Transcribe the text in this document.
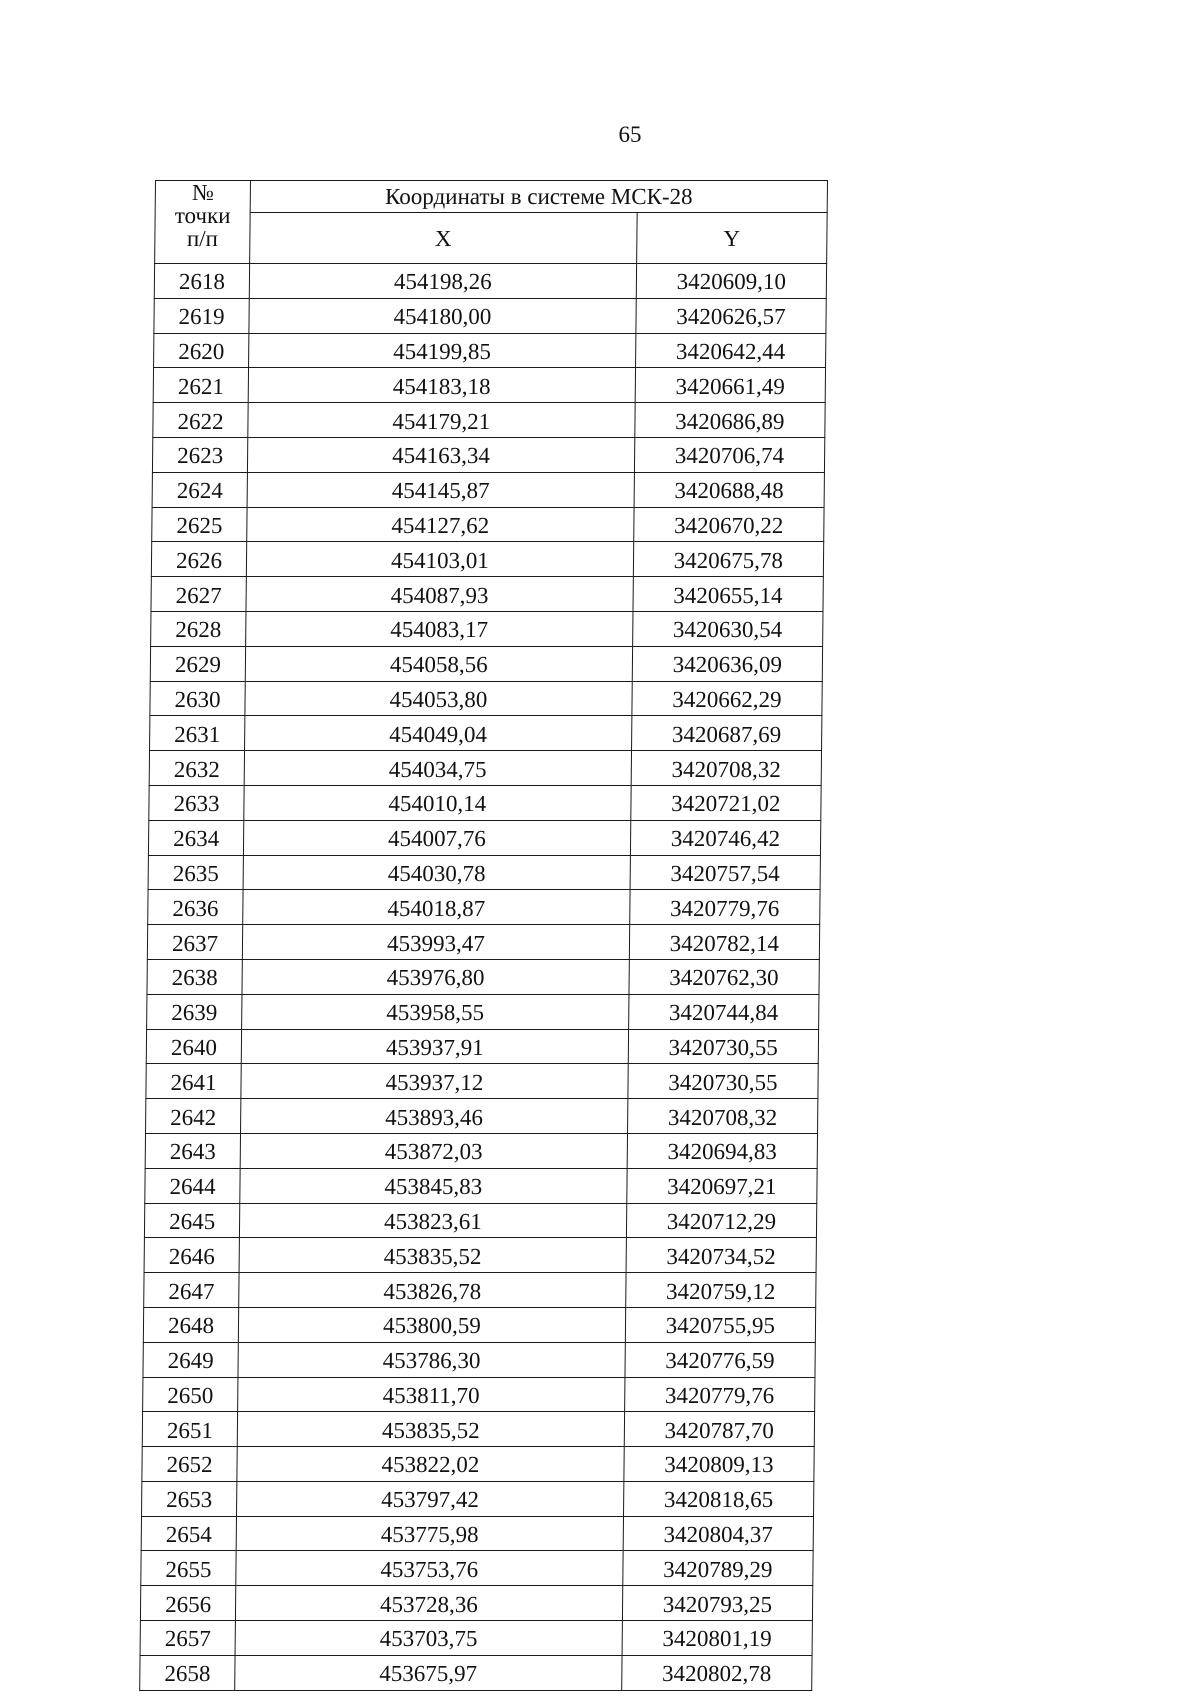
65
№
точки
п/п	Координаты в системе МСК-28	
	X	Y
2618	454198,26	3420609,10
2619	454180,00	3420626,57
2620	454199,85	3420642,44
2621	454183,18	3420661,49
2622	454179,21	3420686,89
2623	454163,34	3420706,74
2624	454145,87	3420688,48
2625	454127,62	3420670,22
2626	454103,01	3420675,78
2627	454087,93	3420655,14
2628	454083,17	3420630,54
2629	454058,56	3420636,09
2630	454053,80	3420662,29
2631	454049,04	3420687,69
2632	454034,75	3420708,32
2633	454010,14	3420721,02
2634	454007,76	3420746,42
2635	454030,78	3420757,54
2636	454018,87	3420779,76
2637	453993,47	3420782,14
2638	453976,80	3420762,30
2639	453958,55	3420744,84
2640	453937,91	3420730,55
2641	453937,12	3420730,55
2642	453893,46	3420708,32
2643	453872,03	3420694,83
2644	453845,83	3420697,21
2645	453823,61	3420712,29
2646	453835,52	3420734,52
2647	453826,78	3420759,12
2648	453800,59	3420755,95
2649	453786,30	3420776,59
2650	453811,70	3420779,76
2651	453835,52	3420787,70
2652	453822,02	3420809,13
2653	453797,42	3420818,65
2654	453775,98	3420804,37
2655	453753,76	3420789,29
2656	453728,36	3420793,25
2657	453703,75	3420801,19
2658	453675,97	3420802,78
